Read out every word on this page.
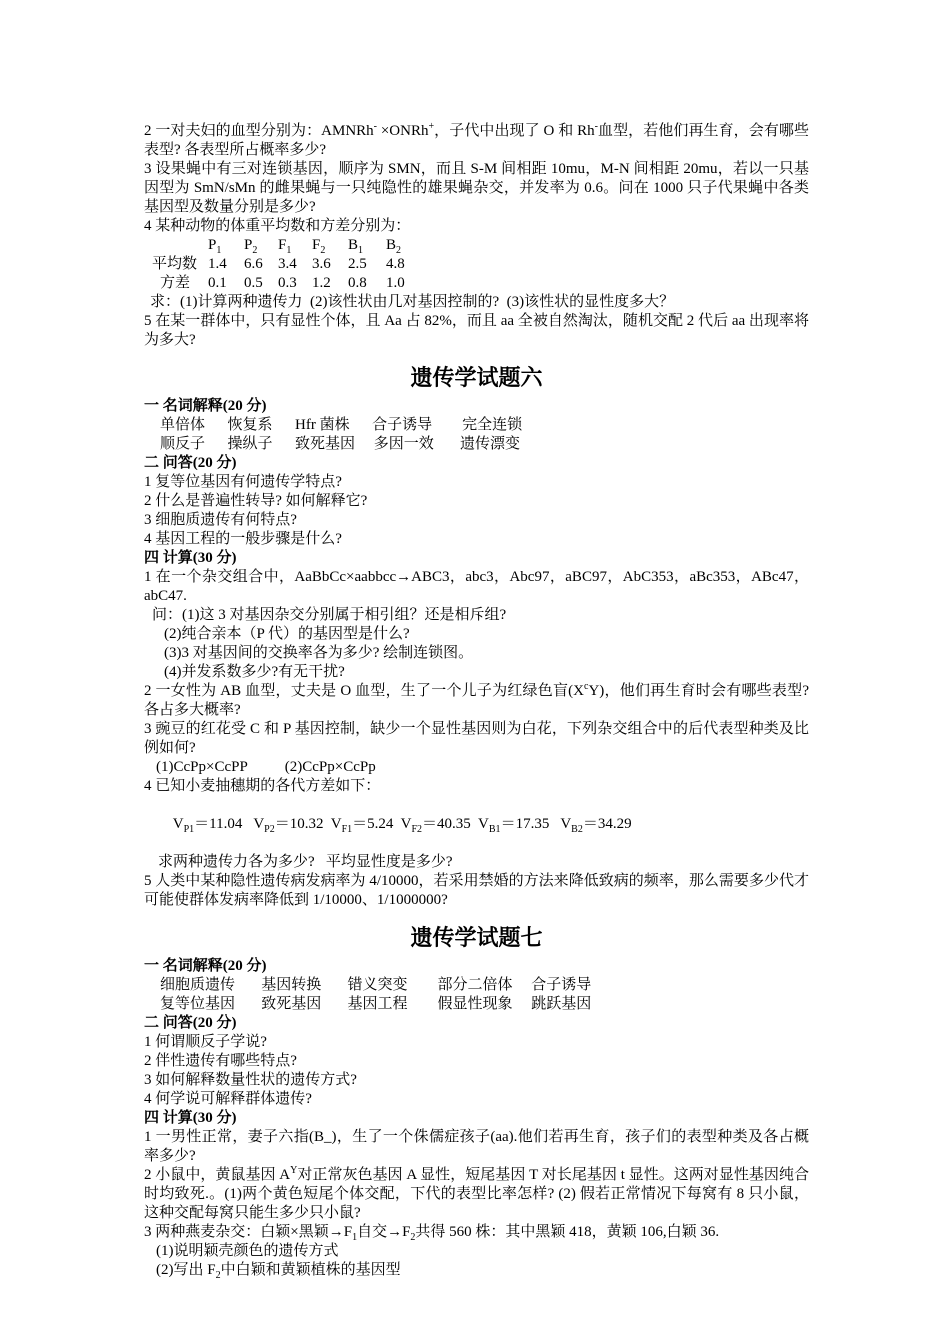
2 一对夫妇的血型分别为：AMNRh- ×ONRh+，子代中出现了 O 和 Rh-血型，若他们再生育，会有哪些表型? 各表型所占概率多少?
3 设果蝇中有三对连锁基因，顺序为 SMN，而且 S-M 间相距 10mu，M-N 间相距 20mu，若以一只基因型为 SmN/sMn 的雌果蝇与一只纯隐性的雄果蝇杂交，并发率为 0.6。问在 1000 只子代果蝇中各类基因型及数量分别是多少?
4 某种动物的体重平均数和方差分别为：
$P_1$	$P_2$	$F_1$	$F_2$	$B_1$	$B_2$
平均数 1.4	6.6	3.4	3.6	2.5	4.8
方差	0.1	0.5	0.3	1.2	0.8	1.0
求：(1)计算两种遗传力  (2)该性状由几对基因控制的?  (3)该性状的显性度多大？
5 在某一群体中，只有显性个体，且 Aa 占 82%，而且 aa 全被自然淘汰，随机交配 2 代后 aa 出现率将为多大?
遗传学试题六
一 名词解释(20 分)
单倍体      恢复系      Hfr 菌株      合子诱导        完全连锁
顺反子      操纵子      致死基因     多因一效       遗传漂变
二 问答(20 分)
1 复等位基因有何遗传学特点?
2 什么是普遍性转导? 如何解释它?
3 细胞质遗传有何特点?
4 基因工程的一般步骤是什么?
四 计算(30 分)
1 在一个杂交组合中，AaBbCc×aabbcc→ABC3，abc3，Abc97，aBC97，AbC353，aBc353，ABc47， abC47.
问：(1)这 3 对基因杂交分别属于相引组？还是相斥组?
(2)纯合亲本（P 代）的基因型是什么?
(3)3 对基因间的交换率各为多少? 绘制连锁图。
(4)并发系数多少?有无干扰?
2 一女性为 AB 血型，丈夫是 O 血型，生了一个儿子为红绿色盲$(X^cY)$，他们再生育时会有哪些表型? 各占多大概率?
3 豌豆的红花受 C 和 P 基因控制，缺少一个显性基因则为白花，下列杂交组合中的后代表型种类及比例如何?
(1)CcPp×CcPP          (2)CcPp×CcPp
4 已知小麦抽穗期的各代方差如下：

$V_{P1}=11.04$ $V_{P2}=10.32$ $V_{F1}=5.24$ $V_{F2}=40.35$ $V_{B1}=17.35$ $V_{B2}=34.29$

求两种遗传力各为多少?   平均显性度是多少?
5 人类中某种隐性遗传病发病率为 4/10000，若采用禁婚的方法来降低致病的频率，那么需要多少代才可能使群体发病率降低到 1/10000、1/1000000?
遗传学试题七
一 名词解释(20 分)
细胞质遗传       基因转换       错义突变        部分二倍体     合子诱导
复等位基因       致死基因       基因工程        假显性现象     跳跃基因
二 问答(20 分)
1 何谓顺反子学说?
2 伴性遗传有哪些特点?
3 如何解释数量性状的遗传方式?
4 何学说可解释群体遗传?
四 计算(30 分)
1 一男性正常，妻子六指(B_)，生了一个侏儒症孩子(aa).他们若再生育，孩子们的表型种类及各占概率多少?
2 小鼠中，黄鼠基因 $A^Y$对正常灰色基因 A 显性，短尾基因 T 对长尾基因 t 显性。这两对显性基因纯合时均致死.。(1)两个黄色短尾个体交配，下代的表型比率怎样? (2) 假若正常情况下每窝有 8 只小鼠，这种交配每窝只能生多少只小鼠?
3 两种燕麦杂交：白颖×黑颖$\to F_1$自交$\to F_2$共得 560 株：其中黑颖 418，黄颖 106,白颖 36.
(1)说明颖壳颜色的遗传方式
(2)写出 $F_2$中白颖和黄颖植株的基因型
